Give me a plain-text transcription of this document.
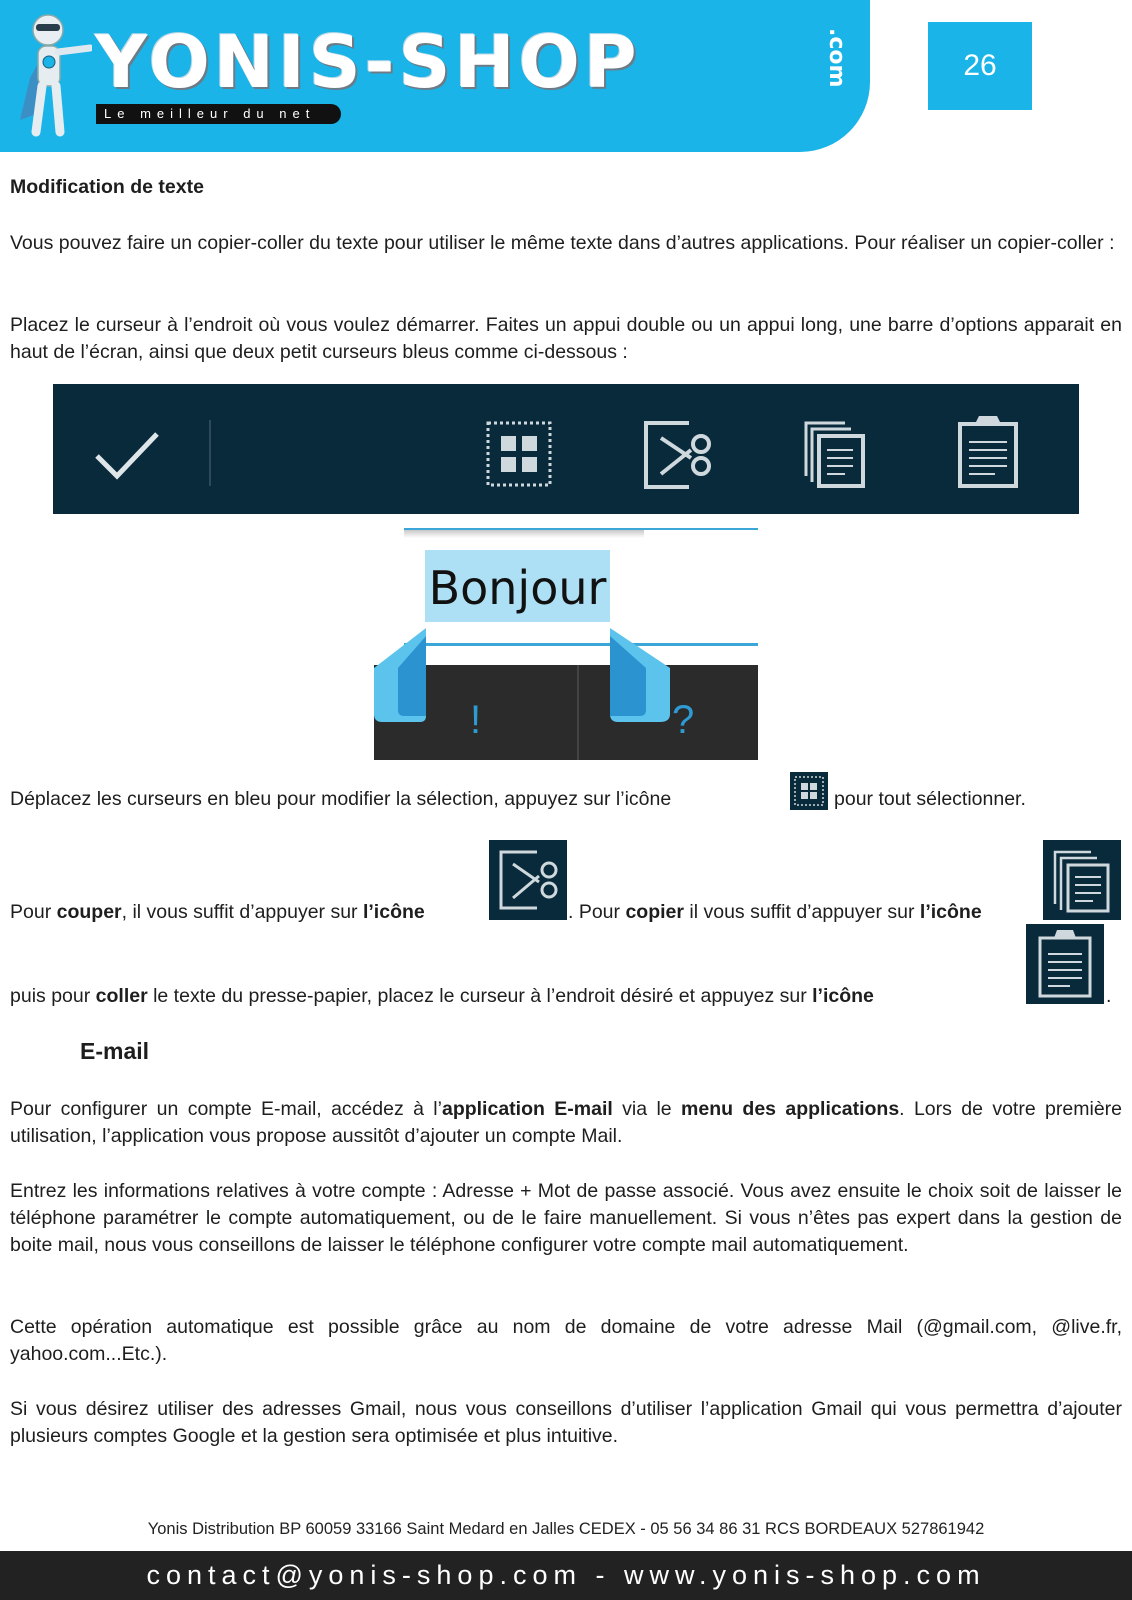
YONIS-SHOP	.com
Le meilleur du net
26
Modification de texte
Vous pouvez faire un copier-coller du texte pour utiliser le même texte dans d’autres applications. Pour réaliser un copier-coller :
Placez le curseur à l’endroit où vous voulez démarrer. Faites un appui double ou un appui long, une barre d’options apparait en haut de l’écran, ainsi que deux petit curseurs bleus comme ci-dessous :
Bonjour
!	?
Déplacez les curseurs en bleu pour modifier la sélection, appuyez sur l’icône	pour tout sélectionner.
Pour couper, il vous suffit d’appuyer sur l’icône	. Pour copier il vous suffit d’appuyer sur l’icône
puis pour coller le texte du presse-papier, placez le curseur à l’endroit désiré et appuyez sur l’icône	.
E-mail
Pour configurer un compte E-mail, accédez à l’application E-mail via le menu des applications. Lors de votre première utilisation, l’application vous propose aussitôt d’ajouter un compte Mail.
Entrez les informations relatives à votre compte : Adresse + Mot de passe associé. Vous avez ensuite le choix soit de laisser le téléphone paramétrer le compte automatiquement, ou de le faire manuellement. Si vous n’êtes pas expert dans la gestion de boite mail, nous vous conseillons de laisser le téléphone configurer votre compte mail automatiquement.
Cette opération automatique est possible grâce au nom de domaine de votre adresse Mail (@gmail.com, @live.fr, yahoo.com...Etc.).
Si vous désirez utiliser des adresses Gmail, nous vous conseillons d’utiliser l’application Gmail qui vous permettra d’ajouter plusieurs comptes Google et la gestion sera optimisée et plus intuitive.
Yonis Distribution BP 60059 33166 Saint Medard en Jalles CEDEX - 05 56 34 86 31 RCS BORDEAUX 527861942
contact@yonis-shop.com - www.yonis-shop.com
